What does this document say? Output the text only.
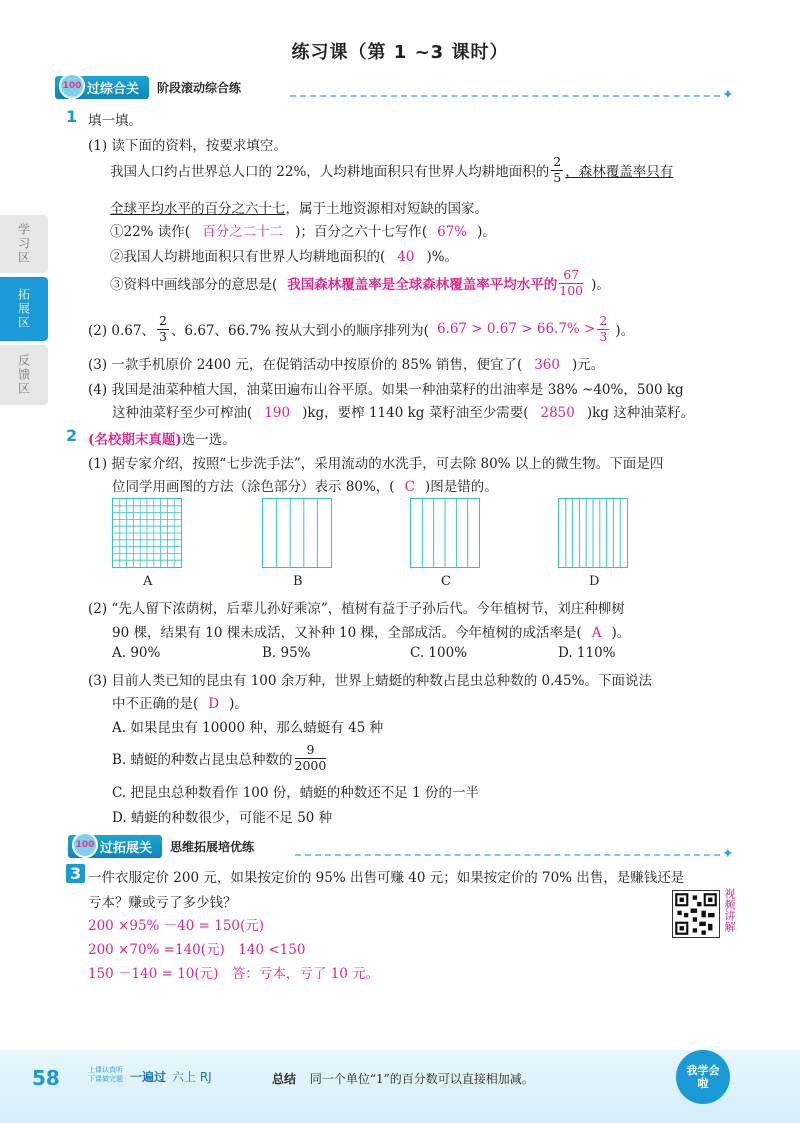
练习课（第 1 ~3 课时）
学习区
拓展区
反馈区
100 过综合关	阶段滚动综合练	✦
1 填一填。
(1) 读下面的资料，按要求填空。
我国人口约占世界总人口的 22%，人均耕地面积只有世界人均耕地面积的 $\frac{2}{5}$ ，森林覆盖率只有
全球平均水平的百分之六十七，属于土地资源相对短缺的国家。
①22% 读作( 百分之二十二 )；百分之六十七写作( 67% )。
②我国人均耕地面积只有世界人均耕地面积的( 40 )%。
③资料中画线部分的意思是( 我国森林覆盖率是全球森林覆盖率平均水平的 $\frac{67}{100}$ )。
(2) 0.67、 $\frac{2}{3}$ 、6.67、66.7% 按从大到小的顺序排列为( $6.67 > 0.67 > 66.7\% > \frac{2}{3}$ )。
(3) 一款手机原价 2400 元，在促销活动中按原价的 85% 销售，便宜了( 360 )元。
(4) 我国是油菜种植大国，油菜田遍布山谷平原。如果一种油菜籽的出油率是 38% ~40%，500 kg
这种油菜籽至少可榨油( 190 )kg，要榨 1140 kg 菜籽油至少需要( 2850 )kg 这种油菜籽。
2 (名校期末真题)选一选。
(1) 据专家介绍，按照“七步洗手法”，采用流动的水洗手，可去除 80% 以上的微生物。下面是四
位同学用画图的方法（涂色部分）表示 80%，( C )图是错的。
A	B	C	D
(2) “先人留下浓荫树，后辈儿孙好乘凉”，植树有益于子孙后代。今年植树节，刘庄种柳树
90 棵，结果有 10 棵未成活，又补种 10 棵，全部成活。今年植树的成活率是( A )。
A. 90%	B. 95%	C. 100%	D. 110%
(3) 目前人类已知的昆虫有 100 余万种，世界上蜻蜓的种数占昆虫总种数的 0.45%。下面说法
中不正确的是( D )。
A. 如果昆虫有 10000 种，那么蜻蜓有 45 种
B. 蜻蜓的种数占昆虫总种数的 $\frac{9}{2000}$
C. 把昆虫总种数看作 100 份，蜻蜓的种数还不足 1 份的一半
D. 蜻蜓的种数很少，可能不足 50 种
100 过拓展关	思维拓展培优练	✦
3 一件衣服定价 200 元，如果按定价的 95% 出售可赚 40 元；如果按定价的 70% 出售，是赚钱还是
亏本？赚或亏了多少钱？
200 ×95% －40 = 150(元)
200 ×70% =140(元)　140 <150
150 －140 = 10(元)　答：亏本，亏了 10 元。
视频讲解
58	上课认真听
下课做完题 一遍过 六上 RJ	总结 同一个单位“1”的百分数可以直接相加减。
我学会啦
